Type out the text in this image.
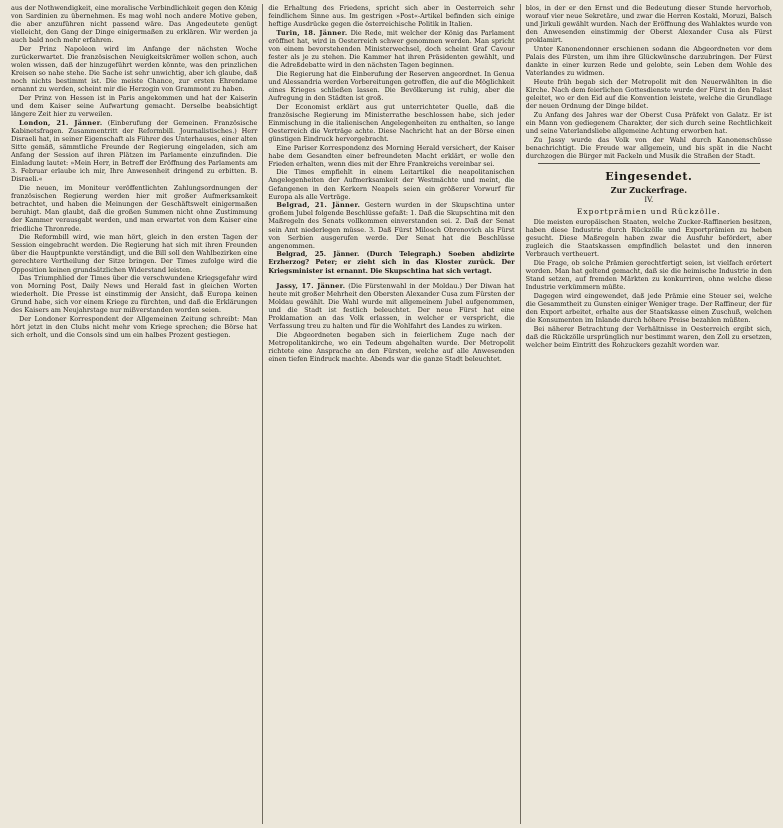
aus der Nothwendigkeit, eine moralische Verbindlichkeit gegen den König von Sardinien zu übernehmen. Es mag wohl noch andere Motive geben, die aber anzuführen nicht passend wäre. Das Angedeutete genügt vielleicht, den Gang der Dinge einigermaßen zu erklären. Wir werden ja auch bald noch mehr erfahren.

Der Prinz Napoleon wird im Anfange der nächsten Woche zurückerwartet. Die französischen Neuigkeitskrämer wollen schon, auch wolen wissen, daß der hinzugeführt werden könnte, was den prinzlichen Kreisen so nahe stehe. Die Sache ist sehr unwichtig, aber ich glaube, daß noch nichts bestimmt ist. Die meiste Chance, zur ersten Ehrendame ernannt zu werden, scheint mir die Herzogin von Grammont zu haben.

Der Prinz von Hessen ist in Paris angekommen und hat der Kaiserin und dem Kaiser seine Aufwartung gemacht. Derselbe beabsichtigt längere Zeit hier zu verweilen.

London, 21. Jänner. (Einberufung der Gemeinen. Französische Kabinetsfragen. Zusammentritt der Reformbill. Journalistisches.) Herr Disraeli hat, in seiner Eigenschaft als Führer des Unterhauses, einer alten Sitte gemäß, sämmtliche Freunde der Regierung eingeladen, sich am Anfang der Session auf ihren Plätzen im Parlamente einzufinden. Die Einladung lautet: »Mein Herr, in Betreff der Eröffnung des Parlaments am 3. Februar erlaube ich mir, Ihre Anwesenheit dringend zu erbitten. B. Disraeli.«

Die neuen, im Moniteur veröffentlichten Zahlungsordnungen der französischen Regierung werden hier mit großer Aufmerksamkeit betrachtet, und haben die Meinungen der Geschäftswelt einigermaßen beruhigt. Man glaubt, daß die großen Summen nicht ohne Zustimmung der Kammer verausgabt werden, und man erwartet von dem Kaiser eine friedliche Thronrede.

Die Reformbill wird, wie man hört, gleich in den ersten Tagen der Session eingebracht werden. Die Regierung hat sich mit ihren Freunden über die Hauptpunkte verständigt, und die Bill soll den Wahlbezirken eine gerechtere Vertheilung der Sitze bringen. Der Times zufolge wird die Opposition keinen grundsätzlichen Widerstand leisten.

Das Triumphlied der Times über die verschwundene Kriegsgefahr wird von Morning Post, Daily News und Herald fast in gleichen Worten wiederholt. Die Presse ist einstimmig der Ansicht, daß Europa keinen Grund habe, sich vor einem Kriege zu fürchten, und daß die Erklärungen des Kaisers am Neujahrstage nur mißverstanden worden seien.

Der Londoner Korrespondent der Allgemeinen Zeitung schreibt: Man hört jetzt in den Clubs nicht mehr vom Kriege sprechen; die Börse hat sich erholt, und die Consols sind um ein halbes Prozent gestiegen.

die Erhaltung des Friedens, spricht sich aber in Oesterreich sehr feindlichem Sinne aus. Im gestrigen »Post«-Artikel befinden sich einige heftige Ausdrücke gegen die österreichische Politik in Italien.

Turin, 18. Jänner. Die Rede, mit welcher der König das Parlament eröffnet hat, wird in Oesterreich schwer genommen werden. Man spricht von einem bevorstehenden Ministerwechsel, doch scheint Graf Cavour fester als je zu stehen. Die Kammer hat ihren Präsidenten gewählt, und die Adreßdebatte wird in den nächsten Tagen beginnen.

Die Regierung hat die Einberufung der Reserven angeordnet. In Genua und Alessandria werden Vorbereitungen getroffen, die auf die Möglichkeit eines Krieges schließen lassen. Die Bevölkerung ist ruhig, aber die Aufregung in den Städten ist groß.

Der Economist erklärt aus gut unterrichteter Quelle, daß die französische Regierung im Ministerrathe beschlossen habe, sich jeder Einmischung in die italienischen Angelegenheiten zu enthalten, so lange Oesterreich die Verträge achte. Diese Nachricht hat an der Börse einen günstigen Eindruck hervorgebracht.

Eine Pariser Korrespondenz des Morning Herald versichert, der Kaiser habe dem Gesandten einer befreundeten Macht erklärt, er wolle den Frieden erhalten, wenn dies mit der Ehre Frankreichs vereinbar sei.

Die Times empfiehlt in einem Leitartikel die neapolitanischen Angelegenheiten der Aufmerksamkeit der Westmächte und meint, die Gefangenen in den Kerkern Neapels seien ein größerer Vorwurf für Europa als alle Verträge.

Belgrad, 21. Jänner. Gestern wurden in der Skupschtina unter großem Jubel folgende Beschlüsse gefaßt: 1. Daß die Skupschtina mit den Maßregeln des Senats vollkommen einverstanden sei. 2. Daß der Senat sein Amt niederlegen müsse. 3. Daß Fürst Milosch Obrenovich als Fürst von Serbien ausgerufen werde. Der Senat hat die Beschlüsse angenommen.

Belgrad, 25. Jänner. (Durch Telegraph.) Soeben abdizirte Erzherzog? Peter; er zieht sich in das Kloster zurück. Der Kriegsminister ist ernannt. Die Skupschtina hat sich vertagt.

Jassy, 17. Jänner. (Die Fürstenwahl in der Moldau.) Der Diwan hat heute mit großer Mehrheit den Obersten Alexander Cusa zum Fürsten der Moldau gewählt. Die Wahl wurde mit allgemeinem Jubel aufgenommen, und die Stadt ist festlich beleuchtet. Der neue Fürst hat eine Proklamation an das Volk erlassen, in welcher er verspricht, die Verfassung treu zu halten und für die Wohlfahrt des Landes zu wirken.

Die Abgeordneten begaben sich in feierlichem Zuge nach der Metropolitankirche, wo ein Tedeum abgehalten wurde. Der Metropolit richtete eine Ansprache an den Fürsten, welche auf alle Anwesenden einen tiefen Eindruck machte. Abends war die ganze Stadt beleuchtet.

blos, in der er den Ernst und die Bedeutung dieser Stunde hervorhob, worauf vier neue Sekretäre, und zwar die Herren Kostaki, Moruzi, Balsch und Jirkuli gewählt wurden. Nach der Eröffnung des Wahlaktes wurde von den Anwesenden einstimmig der Oberst Alexander Cusa als Fürst proklamirt.

Unter Kanonendonner erschienen sodann die Abgeordneten vor dem Palais des Fürsten, um ihm ihre Glückwünsche darzubringen. Der Fürst dankte in einer kurzen Rede und gelobte, sein Leben dem Wohle des Vaterlandes zu widmen.

Heute früh begab sich der Metropolit mit den Neuerwählten in die Kirche. Nach dem feierlichen Gottesdienste wurde der Fürst in den Palast geleitet, wo er den Eid auf die Konvention leistete, welche die Grundlage der neuen Ordnung der Dinge bildet.

Zu Anfang des Jahres war der Oberst Cusa Präfekt von Galatz. Er ist ein Mann von gediegenem Charakter, der sich durch seine Rechtlichkeit und seine Vaterlandsliebe allgemeine Achtung erworben hat.

Zu Jassy wurde das Volk von der Wahl durch Kanonenschüsse benachrichtigt. Die Freude war allgemein, und bis spät in die Nacht durchzogen die Bürger mit Fackeln und Musik die Straßen der Stadt.

Eingesendet.
Zur Zuckerfrage.
IV.
Exportprämien und Rückzölle.

Die meisten europäischen Staaten, welche Zucker-Raffinerien besitzen, haben diese Industrie durch Rückzölle und Exportprämien zu heben gesucht. Diese Maßregeln haben zwar die Ausfuhr befördert, aber zugleich die Staatskassen empfindlich belastet und den inneren Verbrauch vertheuert.

Die Frage, ob solche Prämien gerechtfertigt seien, ist vielfach erörtert worden. Man hat geltend gemacht, daß sie die heimische Industrie in den Stand setzen, auf fremden Märkten zu konkurriren, ohne welche diese Industrie verkümmern müßte.

Dagegen wird eingewendet, daß jede Prämie eine Steuer sei, welche die Gesammtheit zu Gunsten einiger Weniger trage. Der Raffineur, der für den Export arbeitet, erhalte aus der Staatskasse einen Zuschuß, welchen die Konsumenten im Inlande durch höhere Preise bezahlen müßten.

Bei näherer Betrachtung der Verhältnisse in Oesterreich ergibt sich, daß die Rückzölle ursprünglich nur bestimmt waren, den Zoll zu ersetzen, welcher beim Eintritt des Rohzuckers gezahlt worden war.
